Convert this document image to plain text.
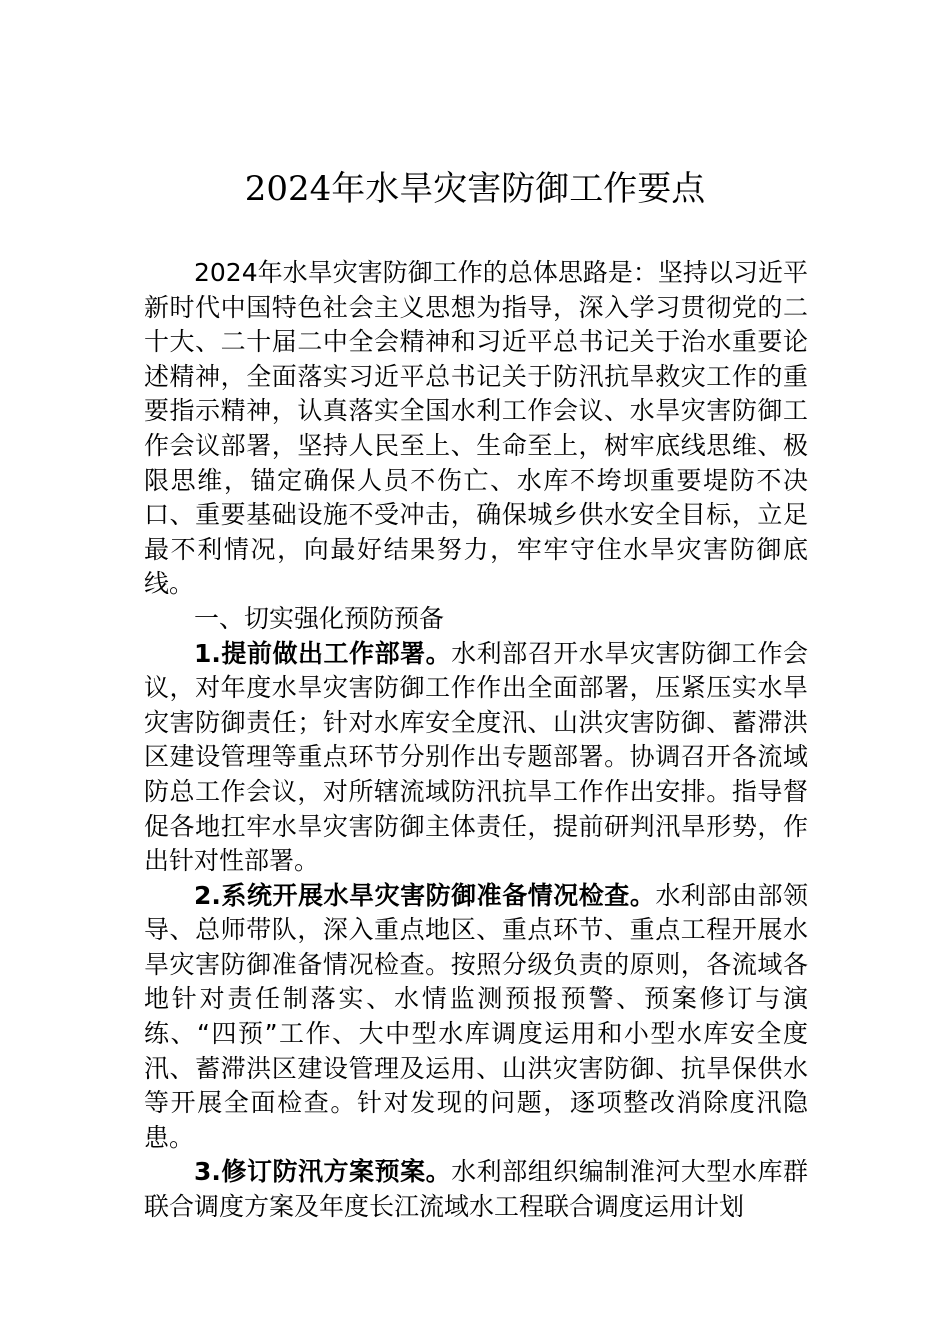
2024年水旱灾害防御工作要点

2024年水旱灾害防御工作的总体思路是：坚持以习近平新时代中国特色社会主义思想为指导，深入学习贯彻党的二十大、二十届二中全会精神和习近平总书记关于治水重要论述精神，全面落实习近平总书记关于防汛抗旱救灾工作的重要指示精神，认真落实全国水利工作会议、水旱灾害防御工作会议部署，坚持人民至上、生命至上，树牢底线思维、极限思维，锚定确保人员不伤亡、水库不垮坝重要堤防不决口、重要基础设施不受冲击，确保城乡供水安全目标，立足最不利情况，向最好结果努力，牢牢守住水旱灾害防御底线。

一、切实强化预防预备

1.提前做出工作部署。水利部召开水旱灾害防御工作会议，对年度水旱灾害防御工作作出全面部署，压紧压实水旱灾害防御责任；针对水库安全度汛、山洪灾害防御、蓄滞洪区建设管理等重点环节分别作出专题部署。协调召开各流域防总工作会议，对所辖流域防汛抗旱工作作出安排。指导督促各地扛牢水旱灾害防御主体责任，提前研判汛旱形势，作出针对性部署。

2.系统开展水旱灾害防御准备情况检查。水利部由部领导、总师带队，深入重点地区、重点环节、重点工程开展水旱灾害防御准备情况检查。按照分级负责的原则，各流域各地针对责任制落实、水情监测预报预警、预案修订与演练、“四预”工作、大中型水库调度运用和小型水库安全度汛、蓄滞洪区建设管理及运用、山洪灾害防御、抗旱保供水等开展全面检查。针对发现的问题，逐项整改消除度汛隐患。

3.修订防汛方案预案。水利部组织编制淮河大型水库群联合调度方案及年度长江流域水工程联合调度运用计划
